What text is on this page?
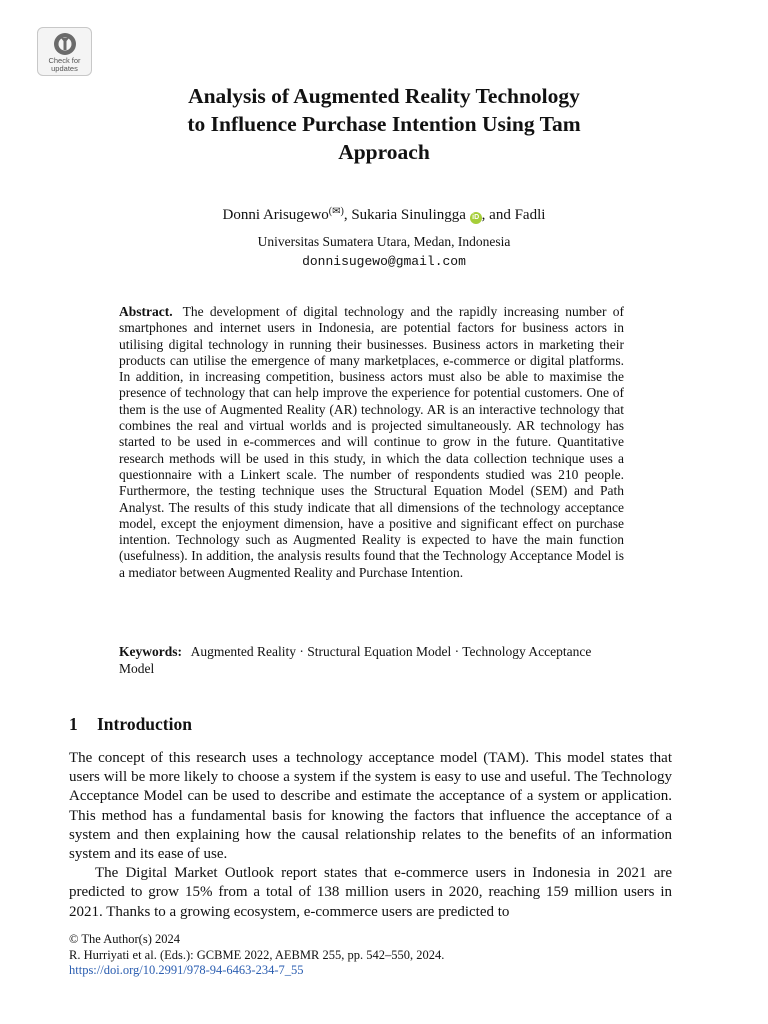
Check for
updates
Analysis of Augmented Reality Technology
to Influence Purchase Intention Using Tam
Approach
Donni Arisugewo(✉), Sukaria Sinulingga iD , and Fadli
Universitas Sumatera Utara, Medan, Indonesia
donnisugewo@gmail.com
Abstract. The development of digital technology and the rapidly increasing number of smartphones and internet users in Indonesia, are potential factors for business actors in utilising digital technology in running their businesses. Business actors in marketing their products can utilise the emergence of many marketplaces, e-commerce or digital platforms. In addition, in increasing competition, business actors must also be able to maximise the presence of technology that can help improve the experience for potential customers. One of them is the use of Augmented Reality (AR) technology. AR is an interactive technology that combines the real and virtual worlds and is projected simultaneously. AR technology has started to be used in e-commerces and will continue to grow in the future. Quantitative research methods will be used in this study, in which the data collection technique uses a questionnaire with a Linkert scale. The number of respondents studied was 210 people. Furthermore, the testing technique uses the Structural Equation Model (SEM) and Path Analyst. The results of this study indicate that all dimensions of the technology acceptance model, except the enjoyment dimension, have a positive and significant effect on purchase intention. Technology such as Augmented Reality is expected to have the main function (usefulness). In addition, the analysis results found that the Technology Acceptance Model is a mediator between Augmented Reality and Purchase Intention.
Keywords: Augmented Reality · Structural Equation Model · Technology Acceptance Model
1 Introduction

The concept of this research uses a technology acceptance model (TAM). This model states that users will be more likely to choose a system if the system is easy to use and useful. The Technology Acceptance Model can be used to describe and estimate the acceptance of a system or application. This method has a fundamental basis for knowing the factors that influence the acceptance of a system and then explaining how the causal relationship relates to the benefits of an information system and its ease of use.

The Digital Market Outlook report states that e-commerce users in Indonesia in 2021 are predicted to grow 15% from a total of 138 million users in 2020, reaching 159 million users in 2021. Thanks to a growing ecosystem, e-commerce users are predicted to

© The Author(s) 2024
R. Hurriyati et al. (Eds.): GCBME 2022, AEBMR 255, pp. 542–550, 2024.
https://doi.org/10.2991/978-94-6463-234-7_55
